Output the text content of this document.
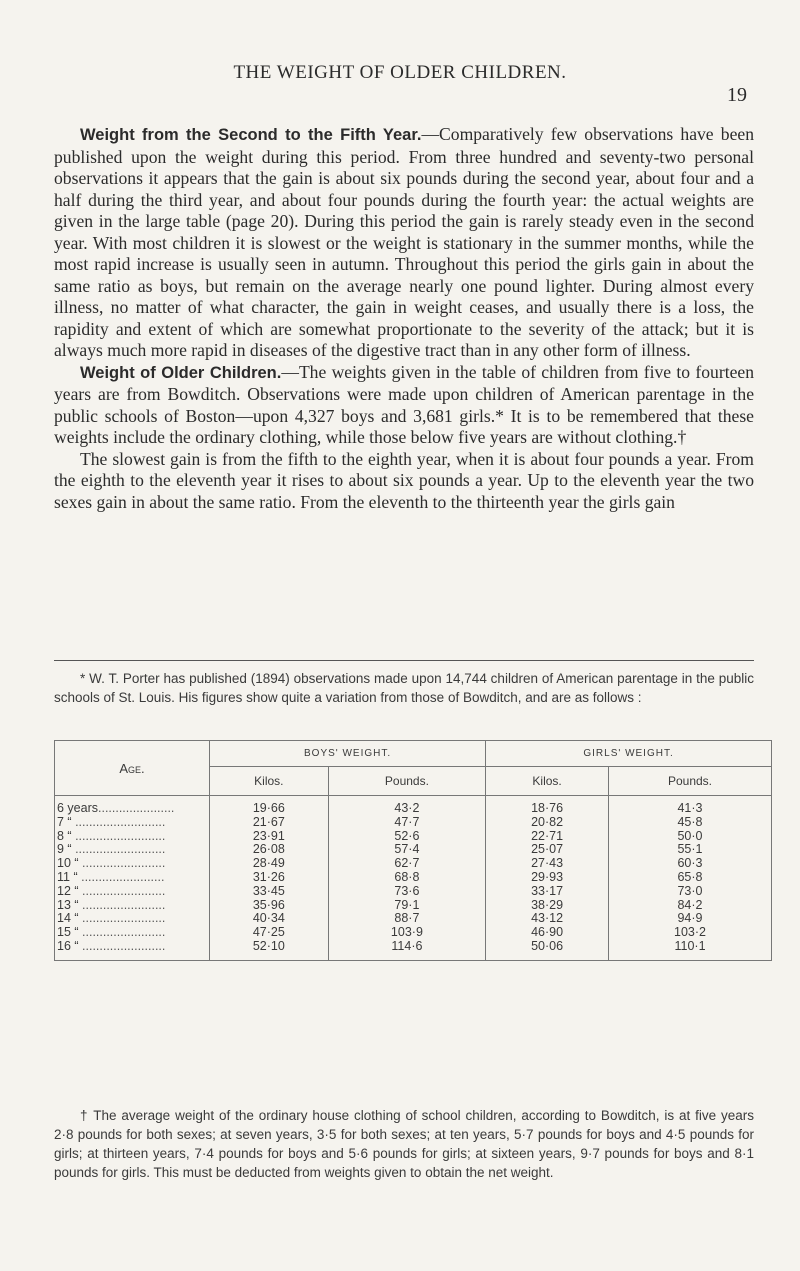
THE WEIGHT OF OLDER CHILDREN.
19

Weight from the Second to the Fifth Year.—Comparatively few observations have been published upon the weight during this period. From three hundred and seventy-two personal observations it appears that the gain is about six pounds during the second year, about four and a half during the third year, and about four pounds during the fourth year: the actual weights are given in the large table (page 20). During this period the gain is rarely steady even in the second year. With most children it is slowest or the weight is stationary in the summer months, while the most rapid increase is usually seen in autumn. Throughout this period the girls gain in about the same ratio as boys, but remain on the average nearly one pound lighter. During almost every illness, no matter of what character, the gain in weight ceases, and usually there is a loss, the rapidity and extent of which are somewhat proportionate to the severity of the attack; but it is always much more rapid in diseases of the digestive tract than in any other form of illness.

Weight of Older Children.—The weights given in the table of children from five to fourteen years are from Bowditch. Observations were made upon children of American parentage in the public schools of Boston—upon 4,327 boys and 3,681 girls.* It is to be remembered that these weights include the ordinary clothing, while those below five years are without clothing.†

The slowest gain is from the fifth to the eighth year, when it is about four pounds a year. From the eighth to the eleventh year it rises to about six pounds a year. Up to the eleventh year the two sexes gain in about the same ratio. From the eleventh to the thirteenth year the girls gain

* W. T. Porter has published (1894) observations made upon 14,744 children of American parentage in the public schools of St. Louis. His figures show quite a variation from those of Bowditch, and are as follows :

Age.	BOYS' WEIGHT.		GIRLS' WEIGHT.	
	Kilos.	Pounds.	Kilos.	Pounds.
6 years......................	19·66	43·2	18·76	41·3
7 “ ..........................	21·67	47·7	20·82	45·8
8 “ ..........................	23·91	52·6	22·71	50·0
9 “ ..........................	26·08	57·4	25·07	55·1
10 “ ........................	28·49	62·7	27·43	60·3
11 “ ........................	31·26	68·8	29·93	65·8
12 “ ........................	33·45	73·6	33·17	73·0
13 “ ........................	35·96	79·1	38·29	84·2
14 “ ........................	40·34	88·7	43·12	94·9
15 “ ........................	47·25	103·9	46·90	103·2
16 “ ........................	52·10	114·6	50·06	110·1

† The average weight of the ordinary house clothing of school children, according to Bowditch, is at five years 2·8 pounds for both sexes; at seven years, 3·5 for both sexes; at ten years, 5·7 pounds for boys and 4·5 pounds for girls; at thirteen years, 7·4 pounds for boys and 5·6 pounds for girls; at sixteen years, 9·7 pounds for boys and 8·1 pounds for girls. This must be deducted from weights given to obtain the net weight.
